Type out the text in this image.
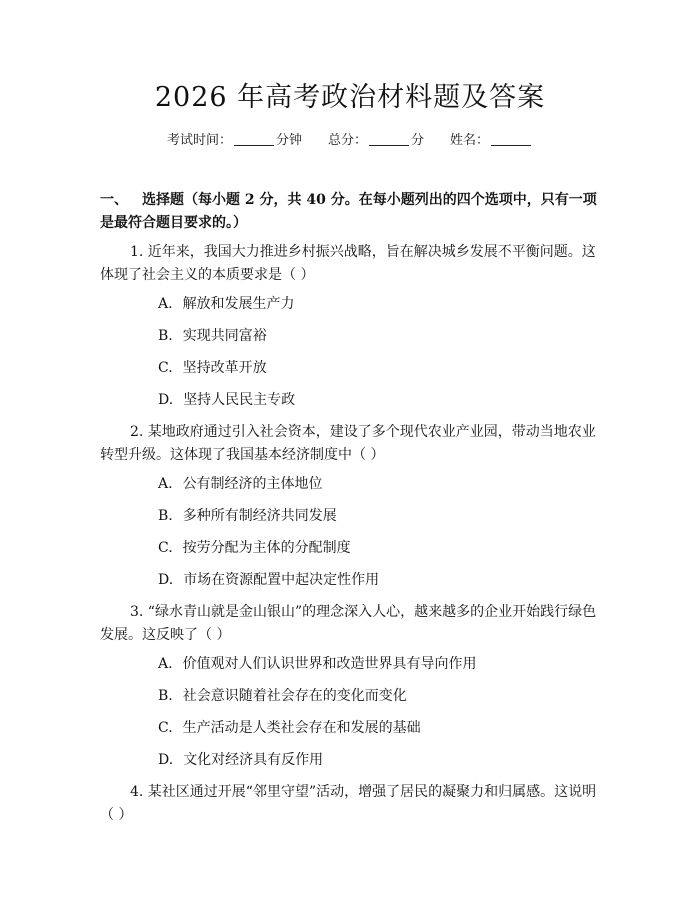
2026 年高考政治材料题及答案
考试时间：	分钟 总分：	分 姓名：
一、 选择题（每小题 2 分，共 40 分。在每小题列出的四个选项中，只有一项是最符合题目要求的。）
1. 近年来，我国大力推进乡村振兴战略，旨在解决城乡发展不平衡问题。这体现了社会主义的本质要求是（ ）
A. 解放和发展生产力
B. 实现共同富裕
C. 坚持改革开放
D. 坚持人民民主专政
2. 某地政府通过引入社会资本，建设了多个现代农业产业园，带动当地农业转型升级。这体现了我国基本经济制度中（ ）
A. 公有制经济的主体地位
B. 多种所有制经济共同发展
C. 按劳分配为主体的分配制度
D. 市场在资源配置中起决定性作用
3. “绿水青山就是金山银山”的理念深入人心，越来越多的企业开始践行绿色发展。这反映了（ ）
A. 价值观对人们认识世界和改造世界具有导向作用
B. 社会意识随着社会存在的变化而变化
C. 生产活动是人类社会存在和发展的基础
D. 文化对经济具有反作用
4. 某社区通过开展“邻里守望”活动，增强了居民的凝聚力和归属感。这说明（ ）
